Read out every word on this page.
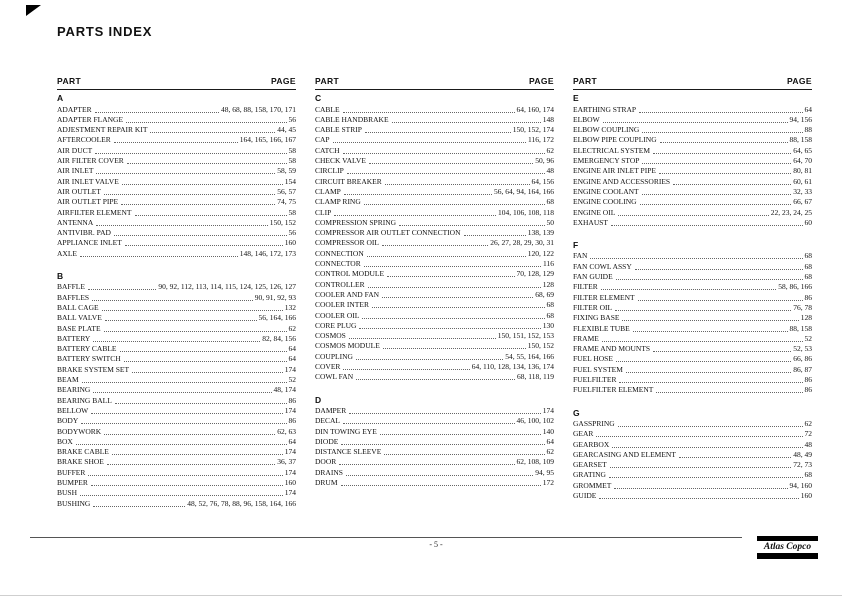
PARTS INDEX
PART	PAGE
A
ADAPTER	48, 68, 88, 158, 170, 171
ADAPTER FLANGE	56
ADJESTMENT REPAIR KIT	44, 45
AFTERCOOLER	164, 165, 166, 167
AIR DUCT	58
AIR FILTER COVER	58
AIR INLET	58, 59
AIR INLET VALVE	154
AIR OUTLET	56, 57
AIR OUTLET PIPE	74, 75
AIRFILTER ELEMENT	58
ANTENNA	150, 152
ANTIVIBR. PAD	56
APPLIANCE INLET	160
AXLE	148, 146, 172, 173
B
BAFFLE	90, 92, 112, 113, 114, 115, 124, 125, 126, 127
BAFFLES	90, 91, 92, 93
BALL CAGE	132
BALL VALVE	56, 164, 166
BASE PLATE	62
BATTERY	82, 84, 156
BATTERY CABLE	64
BATTERY SWITCH	64
BRAKE SYSTEM SET	174
BEAM	52
BEARING	48, 174
BEARING BALL	86
BELLOW	174
BODY	86
BODYWORK	62, 63
BOX	64
BRAKE CABLE	174
BRAKE SHOE	36, 37
BUFFER	174
BUMPER	160
BUSH	174
BUSHING	48, 52, 76, 78, 88, 96, 158, 164, 166
PART	PAGE
C
CABLE	64, 160, 174
CABLE HANDBRAKE	148
CABLE STRIP	150, 152, 174
CAP	116, 172
CATCH	62
CHECK VALVE	50, 96
CIRCLIP	48
CIRCUIT BREAKER	64, 156
CLAMP	56, 64, 94, 164, 166
CLAMP RING	68
CLIP	104, 106, 108, 118
COMPRESSION SPRING	50
COMPRESSOR AIR OUTLET CONNECTION	138, 139
COMPRESSOR OIL	26, 27, 28, 29, 30, 31
CONNECTION	120, 122
CONNECTOR	116
CONTROL MODULE	70, 128, 129
CONTROLLER	128
COOLER AND FAN	68, 69
COOLER INTER	68
COOLER OIL	68
CORE PLUG	130
COSMOS	150, 151, 152, 153
COSMOS MODULE	150, 152
COUPLING	54, 55, 164, 166
COVER	64, 110, 128, 134, 136, 174
COWL FAN	68, 118, 119
D
DAMPER	174
DECAL	46, 100, 102
DIN TOWING EYE	140
DIODE	64
DISTANCE SLEEVE	62
DOOR	62, 108, 109
DRAINS	94, 95
DRUM	172
PART	PAGE
E
EARTHING STRAP	64
ELBOW	94, 156
ELBOW COUPLING	88
ELBOW PIPE COUPLING	88, 158
ELECTRICAL SYSTEM	64, 65
EMERGENCY STOP	64, 70
ENGINE AIR INLET PIPE	80, 81
ENGINE AND ACCESSORIES	60, 61
ENGINE COOLANT	32, 33
ENGINE COOLING	66, 67
ENGINE OIL	22, 23, 24, 25
EXHAUST	60
F
FAN	68
FAN COWL ASSY	68
FAN GUIDE	68
FILTER	58, 86, 166
FILTER ELEMENT	86
FILTER OIL	76, 78
FIXING BASE	128
FLEXIBLE TUBE	88, 158
FRAME	52
FRAME AND MOUNTS	52, 53
FUEL HOSE	66, 86
FUEL SYSTEM	86, 87
FUELFILTER	86
FUELFILTER ELEMENT	86
G
GASSPRING	62
GEAR	72
GEARBOX	48
GEARCASING AND ELEMENT	48, 49
GEARSET	72, 73
GRATING	68
GROMMET	94, 160
GUIDE	160
- 5 -	Atlas Copco
